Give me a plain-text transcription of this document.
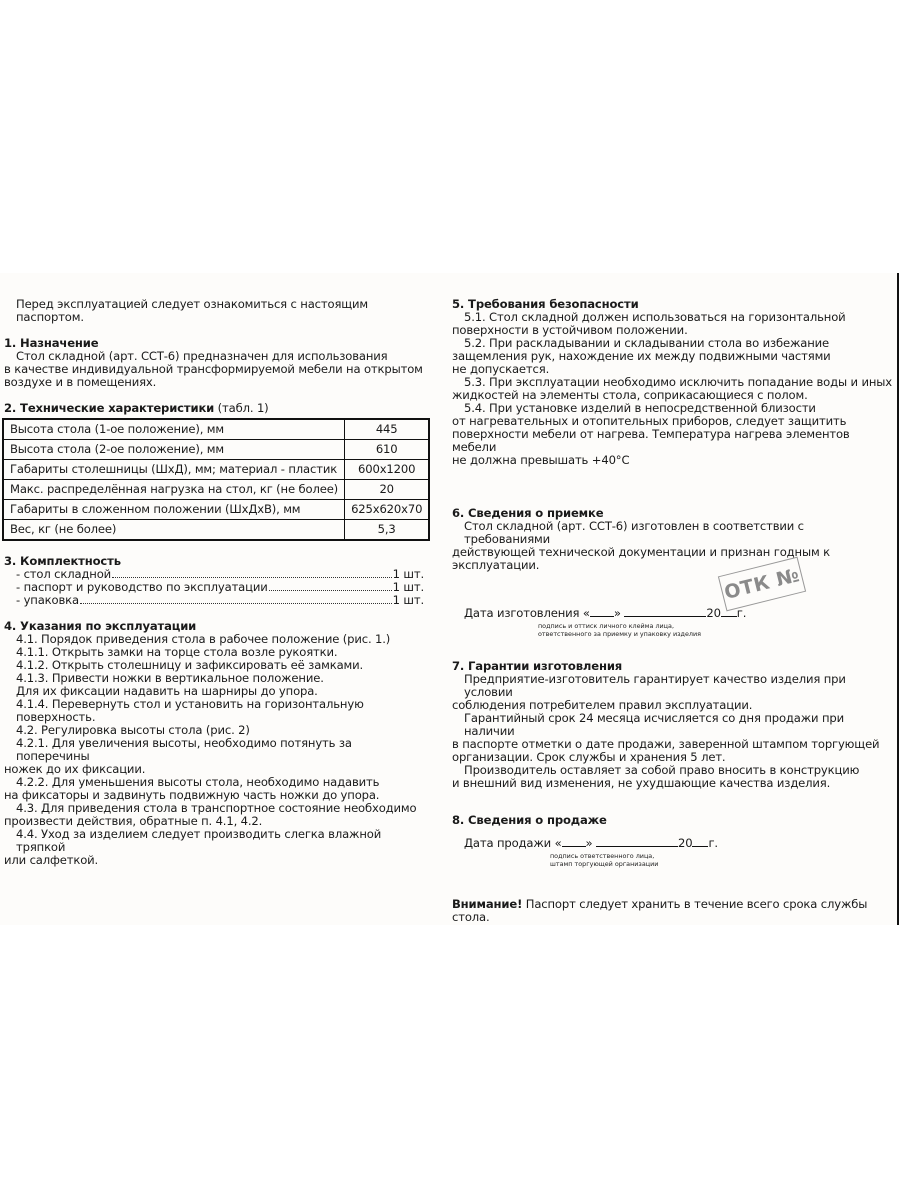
Перед эксплуатацией следует ознакомиться с настоящим паспортом.

1. Назначение

Стол складной (арт. ССТ-6) предназначен для использования

в качестве индивидуальной трансформируемой мебели на открытом

воздухе и в помещениях.

2. Технические характеристики (табл. 1)

Высота стола (1-ое положение), мм	445
Высота стола (2-ое положение), мм	610
Габариты столешницы (ШхД), мм; материал - пластик	600x1200
Макс. распределённая нагрузка на стол, кг (не более)	20
Габариты в сложенном положении (ШхДхВ), мм	625x620x70
Вес, кг (не более)	5,3

3. Комплектность

- стол складной	1 шт.
- паспорт и руководство по эксплуатации	1 шт.
- упаковка	1 шт.

4. Указания по эксплуатации

4.1. Порядок приведения стола в рабочее положение (рис. 1.)

4.1.1. Открыть замки на торце стола возле рукоятки.

4.1.2. Открыть столешницу и зафиксировать её замками.

4.1.3. Привести ножки в вертикальное положение.

Для их фиксации надавить на шарниры до упора.

4.1.4. Перевернуть стол и установить на горизонтальную поверхность.

4.2. Регулировка высоты стола (рис. 2)

4.2.1. Для увеличения высоты, необходимо потянуть за поперечины

ножек до их фиксации.

4.2.2. Для уменьшения высоты стола, необходимо надавить

на фиксаторы и задвинуть подвижную часть ножки до упора.

4.3. Для приведения стола в транспортное состояние необходимо

произвести действия, обратные п. 4.1, 4.2.

4.4. Уход за изделием следует производить слегка влажной тряпкой

или салфеткой.

5. Требования безопасности

5.1. Стол складной должен использоваться на горизонтальной

поверхности в устойчивом положении.

5.2. При раскладывании и складывании стола во избежание

защемления рук, нахождение их между подвижными частями

не допускается.

5.3. При эксплуатации необходимо исключить попадание воды и иных

жидкостей на элементы стола, соприкасающиеся с полом.

5.4. При установке изделий в непосредственной близости

от нагревательных и отопительных приборов, следует защитить

поверхности мебели от нагрева. Температура нагрева элементов мебели

не должна превышать +40°С

6. Сведения о приемке

Стол складной (арт. ССТ-6) изготовлен в соответствии с требованиями

действующей технической документации и признан годным к эксплуатации.

Дата изготовления « »	20 г.

подпись и оттиск личного клейма лица,
ответственного за приемку и упаковку изделия

7. Гарантии изготовления

Предприятие-изготовитель гарантирует качество изделия при условии

соблюдения потребителем правил эксплуатации.

Гарантийный срок 24 месяца исчисляется со дня продажи при наличии

в паспорте отметки о дате продажи, заверенной штампом торгующей

организации. Срок службы и хранения 5 лет.

Производитель оставляет за собой право вносить в конструкцию

и внешний вид изменения, не ухудшающие качества изделия.

8. Сведения о продаже

Дата продажи « »	20 г.

подпись ответственного лица,
штамп торгующей организации

Внимание! Паспорт следует хранить в течение всего срока службы стола.

ОТК №
